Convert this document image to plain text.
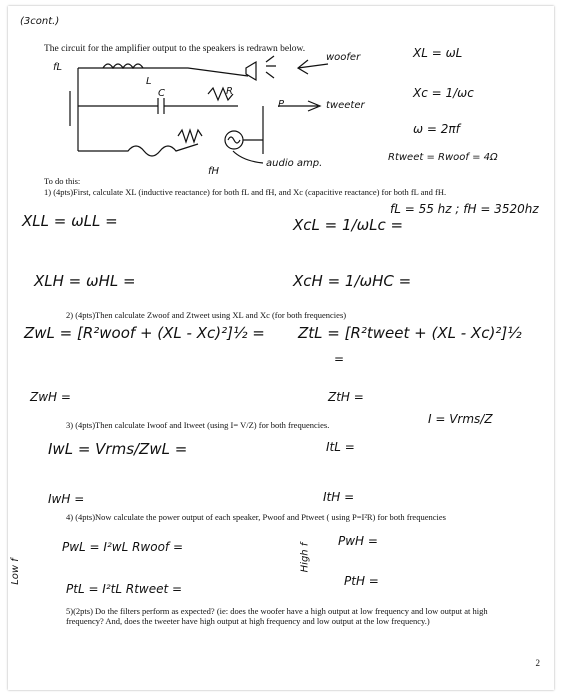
(3cont.)
The circuit for the amplifier output to the speakers is redrawn below.
fL
L
C	R
P
woofer
tweeter
audio amp.
fH
XL = ωL
Xc = 1/ωc
ω = 2πf
Rtweet = Rwoof = 4Ω
To do this:
1) (4pts)First, calculate XL (inductive reactance) for both fL and fH, and Xc (capacitive reactance) for both fL and fH.
fL = 55 hz ; fH = 3520hz
XLL = ωLL =	XcL = 1/ωLc =
XLH = ωHL =	XcH = 1/ωHC =
2) (4pts)Then calculate Zwoof and Ztweet using XL and Xc (for both frequencies)
ZwL = [R²woof + (XL - Xc)²]½ = ZtL = [R²tweet + (XL - Xc)²]½
=
ZwH =	ZtH =
3) (4pts)Then calculate Iwoof and Itweet (using I= V/Z) for both frequencies.	I = Vrms/Z
IwL = Vrms/ZwL =	ItL =
IwH =	ItH =
4) (4pts)Now calculate the power output of each speaker, Pwoof and Ptweet ( using P=I²R) for both frequencies
Low f	High f
PwL = I²wL Rwoof =
PtL = I²tL Rtweet =
PwH =
PtH =
5)(2pts) Do the filters perform as expected? (ie: does the woofer have a high output at low frequency and low output at high frequency? And, does the tweeter have high output at high frequency and low output at the low frequency.)
2
